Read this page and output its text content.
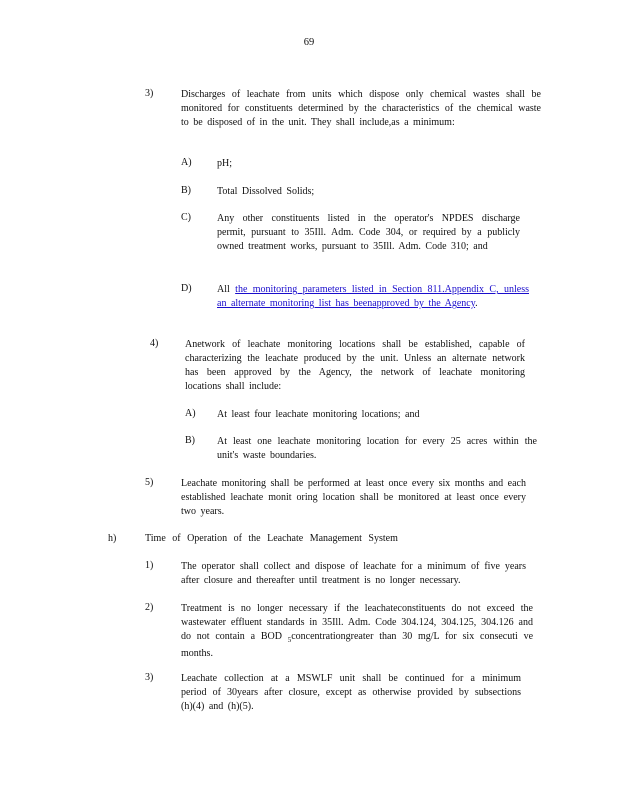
69
3)	Discharges of leachate from units which dispose only chemical wastes shall be monitored for constituents determined by the characteristics of the chemical waste to be disposed of in the unit. They shall include,as a minimum:
A)	pH;
B)	Total Dissolved Solids;
C)	Any other constituents listed in the operator's NPDES discharge permit, pursuant to 35Ill. Adm. Code 304, or required by a publicly owned treatment works, pursuant to 35Ill. Adm. Code 310; and
D)	All the monitoring parameters listed in Section 811.Appendix C, unless an alternate monitoring list has beenapproved by the Agency.
4)	Anetwork of leachate monitoring locations shall be established, capable of characterizing the leachate produced by the unit. Unless an alternate network has been approved by the Agency, the network of leachate monitoring locations shall include:
A) At least four leachate monitoring locations; and
B) At least one leachate monitoring location for every 25 acres within the unit's waste boundaries.
5)	Leachate monitoring shall be performed at least once every six months and each established leachate monit oring location shall be monitored at least once every two years.
h)	Time of Operation of the Leachate Management System
1)	The operator shall collect and dispose of leachate for a minimum of five years after closure and thereafter until treatment is no longer necessary.
2)	Treatment is no longer necessary if the leachateconstituents do not exceed the wastewater effluent standards in 35Ill. Adm. Code 304.124, 304.125, 304.126 and do not contain a BOD $_5$concentrationgreater than 30 mg/L for six consecuti ve months.
3)	Leachate collection at a MSWLF unit shall be continued for a minimum period of 30years after closure, except as otherwise provided by subsections (h)(4) and (h)(5).
